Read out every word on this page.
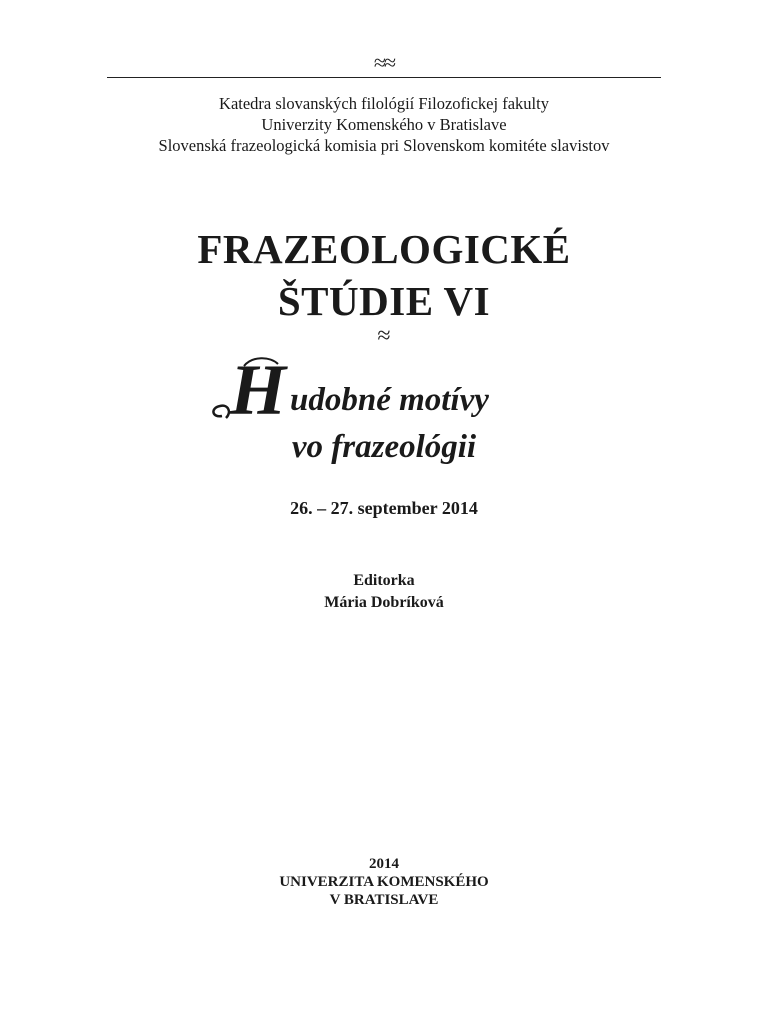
≈≈
Katedra slovanských filológií Filozofickej fakulty
Univerzity Komenského v Bratislave
Slovenská frazeologická komisia pri Slovenskom komitéte slavistov
FRAZEOLOGICKÉ
ŠTÚDIE VI
≈
H udobné motívy
vo frazeológii
26. – 27. september 2014
Editorka
Mária Dobríková
2014
UNIVERZITA KOMENSKÉHO
V BRATISLAVE
